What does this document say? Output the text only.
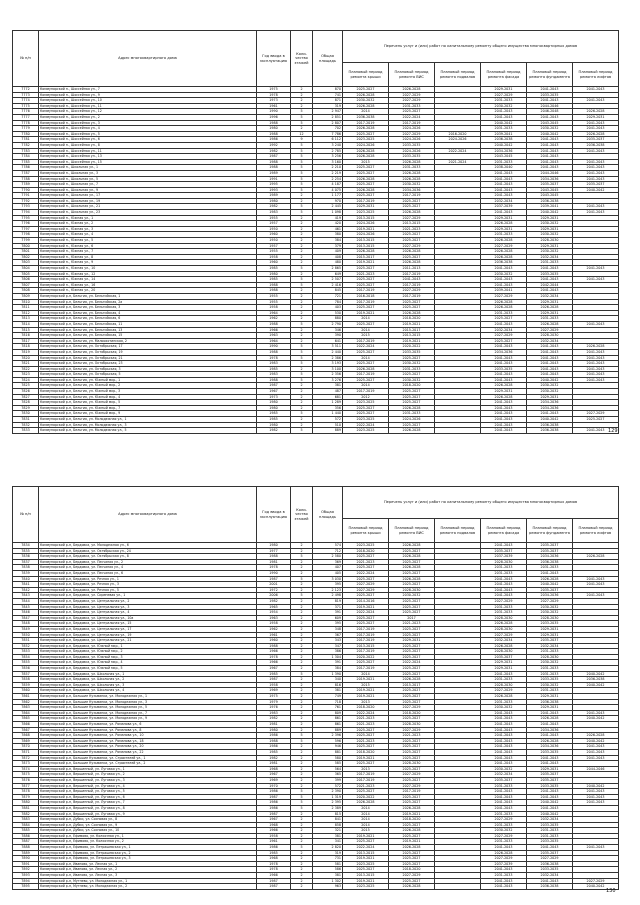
№ п/п	Адрес многоквартирного дома	Год ввода в эксплуатацию	Коли-чество этажей	Общая площадь	Перечень услуг и (или) работ по капитальному ремонту общего имущества многоквартирных домов					
					Плановый период ремонта крыши	Плановый период ремонта ВИС	Плановый период ремонта подвалов	Плановый период ремонта фасада	Плановый период ремонта фундамента	Плановый период ремонта лифтов
7772	Коммунарский п., Шоссейная ул., 7	1975	2	870	2025-2027	2026-2028		2029-2031	2041-2043	2041-2043
7773	Коммунарский п., Шоссейная ул., 9	1978	2	741	2026-2028	2027-2029		2027-2029	2033-2035	
7774	Коммунарский п., Шоссейная ул., 10	1973	2	871	2030-2032	2027-2029		2031-2033	2041-2043	2041-2043
7775	Коммунарский п., Шоссейная ул., 11	1961	2	319	2026-2028	2031-2033		2030-2032	2044-2046	
7776	Коммунарский п., Шоссейная ул., 12	1990	5	2 947	2014	2025-2027		2041-2043	2046-2048	2026-2028
7777	Коммунарский п., Шоссейная ул., 2	1996	5	2 851	2036-2038	2022-2024		2041-2043	2041-2043	2029-2031
7778	Коммунарский п., Шоссейная ул., 3	1988	5	2 807	2017-2019	2017-2019		2040-2042	2043-2045	2041-2043
7779	Коммунарский п., Шоссейная ул., 4	1980	2	702	2026-2028	2024-2026		2031-2033	2030-2032	2041-2043
7780	Коммунарский п., Шоссейная ул., 5	1988	12	7 786	2025-2027	2027-2029	2016-2020	2039-2041	2040-2042	2026-2028
7781	Коммунарский п., Шоссейная ул., 6	1986	9	6 112	2023-2025	2024-2026	2024-2026	2036-2038	2041-2043	2035-2037
7782	Коммунарский п., Шоссейная ул., 8	1992	5	3 240	2024-2026	2033-2035		2040-2042	2041-2043	2036-2038
7783	Коммунарский п., Шоссейная ул., 11	1982	5	2 785	2026-2028	2024-2026	2022-2024	2034-2036	2041-2043	2041-2043
7784	Коммунарский п., Шоссейная ул., 13	1987	5	3 256	2026-2028	2033-2035		2043-2045	2041-2043	
7785	Коммунарский п., Шоссейная ул., 15	1988	5	3 160	2015	2026-2028	2021-2024	2031-2033	2041-2043	2041-2043
7786	Коммунарский п., Школьная ул., 1	1988	5	2 210	2025-2027	2031-2033		2038-2040	2041-2043	2041-2043
7787	Коммунарский п., Школьная ул., 3	1989	5	2 219	2025-2027	2026-2028		2041-2043	2044-2046	2041-2043
7788	Коммунарский п., Школьная ул., 5	1991	5	2 254	2026-2028	2026-2028		2041-2043	2034-2036	2041-2043
7789	Коммунарский п., Школьная ул., 7	1995	5	4 187	2025-2027	2030-2032		2041-2043	2035-2037	2035-2037
7790	Коммунарский п., Школьная ул., 9	1993	5	4 075	2026-2028	2034-2036		2041-2043	2043-2045	2040-2042
7791	Коммунарский п., Школьная ул., 17	1989	2	1 177	2025-2027	2017-2019		2041-2043	2043-2045	
7792	Коммунарский п., Школьная ул., 19	1980	2	970	2017-2019	2025-2027		2032-2034	2036-2038	
7793	Коммунарский п., Школьная ул., 21	1982	5	2 445	2029-2031	2025-2027		2037-2039	2039-2041	2041-2043
7794	Коммунарский п., Школьная ул., 23	1983	5	1 098	2023-2025	2026-2028		2041-2043	2040-2042	2041-2043
7795	Коммунарский п., Южная ул., 1	1955	2	419	2013-2015	2027-2029		2029-2031	2029-2031	
7796	Коммунарский п., Южная ул., 2	1957	2	420	2024-2026	2013-2015		2026-2028	2030-2032	
7797	Коммунарский п., Южная ул., 3	1950	2	461	2019-2021	2021-2023		2029-2031	2029-2031	
7798	Коммунарский п., Южная ул., 4	1960	2	380	2024-2026	2025-2027		2031-2033	2030-2032	
7799	Коммунарский п., Южная ул., 5	1950	2	384	2013-2015	2025-2027		2026-2028	2028-2030	
7800	Коммунарский п., Южная ул., 6	1957	2	379	2013-2015	2027-2029		2027-2029	2029-2031	
7801	Коммунарский п., Южная ул., 7	1955	2	409	2026-2028	2026-2028		2026-2028	2030-2032	
7802	Коммунарский п., Южная ул., 8	1958	2	408	2015-2017	2025-2027		2026-2028	2032-2034	
7803	Коммунарский п., Южная ул., 9	1960	2	480	2019-2021	2026-2028		2036-2038	2031-2033	
7804	Коммунарский п., Южная ул., 10	1985	5	2 865	2025-2027	2011-2013		2041-2043	2041-2043	2041-2043
7805	Коммунарский п., Южная ул., 12	1980	2	649	2021-2023	2017-2019		2030-2032	2033-2035	
7806	Коммунарский п., Южная ул., 14	1985	5	2 507	2025-2027	2041-2043		2041-2043	2041-2043	2041-2043
7807	Коммунарский п., Южная ул., 16	1988	5	2 416	2025-2027	2017-2019		2041-2043	2042-2044	
7808	Коммунарский п., Южная ул., 20	1988	2	845	2017-2019	2027-2029		2039-2041	2041-2043	
7809	Коммунарский р-н, Бельгия, ул. Бельгийская, 1	1955	2	721	2016-2018	2017-2019		2027-2029	2032-2034	
7810	Коммунарский р-н, Бельгия, ул. Бельгийская, 2а	1955	2	784	2017-2019	2025-2027		2026-2028	2029-2031	
7811	Коммунарский р-н, Бельгия, ул. Бельгийская, 3	1958	2	403	2025-2027	2025-2027		2026-2028	2026-2028	
7812	Коммунарский р-н, Бельгия, ул. Бельгийская, 4	1964	2	530	2019-2021	2026-2028		2031-2033	2029-2031	
7813	Коммунарский р-н, Бельгия, ул. Бельгийская, 6	1962	2	880	2014	2018-2020		2025-2027	2031-2033	
7814	Коммунарский р-н, Бельгия, ул. Бельгийская, 11	1988	5	2 790	2025-2027	2019-2021		2041-2043	2026-2028	2041-2043
7815	Коммунарский р-н, Бельгия, ул. Бельгийская, 13	1966	2	346	2014	2015-2017		2032-2034	2027-2029	
7816	Коммунарский р-н, Бельгия, ул. Бельгийская, 15	1963	2	390	2015	2013-2015		2027-2029	2028-2030	
7817	Коммунарский р-н, Бельгия, ул. Малоохотинская, 2	1964	2	641	2017-2019	2019-2021		2025-2027	2032-2034	
7818	Коммунарский р-н, Бельгия, ул. Октябрьская, 17	1990	5	3 511	2022-2024	2020-2022		2041-2043	2041-2043	2026-2028
7819	Коммунарский р-н, Бельгия, ул. Октябрьская, 19	1988	5	2 440	2025-2027	2033-2035		2034-2036	2041-2043	2041-2043
7820	Коммунарский р-н, Бельгия, ул. Октябрьская, 21	1978	5	2 386	2014	2025-2027		2041-2043	2041-2043	2041-2043
7821	Коммунарский р-н, Бельгия, ул. Октябрьская, 23	1983	5	3 193	2025-2027	2030-2032		2041-2043	2041-2043	2041-2043
7822	Коммунарский р-н, Бельгия, ул. Октябрьская, 3	1985	2	3 100	2026-2028	2031-2033		2033-2035	2041-2043	2041-2043
7823	Коммунарский р-н, Бельгия, ул. Октябрьская, 5	1983	5	2 356	2017-2019	2025-2027		2041-2043	2041-2043	2041-2043
7824	Коммунарский р-н, Бельгия, ул. Южный мкр., 1	1988	5	3 276	2025-2027	2030-2032		2041-2043	2040-2042	2041-2043
7825	Коммунарский р-н, Бельгия, ул. Южный мкр., 2	1987	2	381	2014	2018-2020		2026-2028	2030-2032	
7826	Коммунарский р-н, Бельгия, ул. Южный мкр., 3	1967	2	487	2017-2019	2025-2027		2029-2031	2030-2032	
7827	Коммунарский р-н, Бельгия, ул. Южный мкр., 4	1973	2	681	2012	2025-2027		2026-2028	2029-2031	
7828	Коммунарский р-н, Бельгия, ул. Южный мкр., 5	1980	2	1 289	2023-2025	2025-2027		2041-2043	2034-2036	
7829	Коммунарский р-н, Бельгия, ул. Южный мкр., 7	1980	2	356	2025-2027	2026-2028		2041-2043	2034-2036	
7830	Коммунарский р-н, Бельгия, ул. Южный мкр., 9	1985	5	1 440	2025-2027	2031-2033		2041-2043	2041-2043	2027-2029
7831	Коммунарский р-н, Бельгия, ул. Молодежная ул., 1	1985	2	572	2023-2025	2024-2026		2041-2043	2040-2042	2025-2027
7832	Коммунарский р-н, Бельгия, ул. Молодежная ул., 3	1980	2	510	2022-2024	2025-2027		2041-2043	2036-2038	
7833	Коммунарский р-н, Бельгия, ул. Молодежная ул., 5	1982	5	889	2023-2025	2026-2028		2041-2043	2036-2038	2041-2043 129
№ п/п	Адрес многоквартирного дома	Год ввода в эксплуатацию	Коли-чество этажей	Общая площадь	Перечень услуг и (или) работ по капитальному ремонту общего имущества многоквартирных домов					
					Плановый период ремонта крыши	Плановый период ремонта ВИС	Плановый период ремонта подвалов	Плановый период ремонта фасада	Плановый период ремонта фундамента	Плановый период ремонта лифтов
7834	Коммунарский р-н, Бердовка, ул. Молодежная ул., 6	1980	2	574	2023-2025	2026-2028		2041-2043	2035-2037	
7835	Коммунарский р-н, Бердовка, ул. Октябрьская ул., 24	1977	2	712	2018-2020	2025-2027		2035-2037	2035-2037	
7836	Коммунарский р-н, Бердовка, ул. Октябрьская ул., 8	1988	5	2 580	2025-2027	2026-2028		2037-2039	2034-2036	2026-2028
7837	Коммунарский р-н, Бердовка, ул. Песчаная ул., 2	1981	2	369	2021-2023	2025-2027		2028-2030	2036-2038	
7838	Коммунарский р-н, Бердовка, ул. Песчаная ул., 4	1978	2	407	2025-2027	2026-2028		2031-2033	2031-2033	
7839	Коммунарский р-н, Бердовка, ул. Песчаная ул., 6	1990	2	405	2022-2024	2025-2027		2031-2033	2041-2043	
7840	Коммунарский р-н, Бердовка, ул. Речная ул., 1	1987	5	3 030	2025-2027	2026-2028		2041-2043	2026-2028	2041-2043
7841	Коммунарский р-н, Бердовка, ул. Речная ул., 3	2001	2	395	2027-2029	2025-2027		2041-2043	2040-2042	2041-2043
7842	Коммунарский р-н, Бердовка, ул. Речная ул., 5	1972	2	2 123	2027-2029	2028-2030		2041-2043	2035-2037	
7843	Коммунарский р-н, Бердовка, ул. Сиреневая ул., 1	2006	5	2 498	2025-2027	2030-2032		2041-2043	2034-2036	2041-2043
7844	Коммунарский р-н, Бердовка, ул. Центральная ул., 2	1982	2	819	2014-2016	2025-2027		2027-2029	2027-2029	
7845	Коммунарский р-н, Бердовка, ул. Центральная ул., 3	1965	2	371	2019-2021	2025-2027		2031-2033	2030-2032	
7846	Коммунарский р-н, Бердовка, ул. Центральная ул., 4	1954	2	391	2022-2024	2025-2027		2031-2033	2030-2032	
7847	Коммунарский р-н, Бердовка, ул. Центральная ул., 10а	1963	2	609	2025-2027	2017		2028-2030	2028-2030	
7848	Коммунарский р-н, Бердовка, ул. Центральная ул., 15	1958	2	395	2025-2027	2021-2023		2026-2028	2033-2035	
7849	Коммунарский р-н, Бердовка, ул. Центральная ул., 17	1962	2	348	2017-2019	2025-2027		2028-2030	2029-2031	
7850	Коммунарский р-н, Бердовка, ул. Центральная ул., 19	1961	2	367	2017-2019	2025-2027		2027-2029	2029-2031	
7851	Коммунарский р-н, Бердовка, ул. Центральная ул., 21	1960	2	343	2017-2019	2029-2031		2032-2034	2035-2037	
7852	Коммунарский р-н, Бердовка, ул. Южный мкр., 1	1988	2	347	2013-2015	2025-2027		2026-2028	2032-2034	
7853	Коммунарский р-н, Бердовка, ул. Южный мкр., 2	1966	2	386	2017-2019	2025-2027		2028-2030	2031-2033	
7854	Коммунарский р-н, Бердовка, ул. Южный мкр., 3	1978	2	1 304	2020-2022	2025-2027		2035-2037	2028-2030	
7855	Коммунарский р-н, Бердовка, ул. Южный мкр., 4	1966	2	391	2025-2027	2022-2024		2029-2031	2030-2032	
7856	Коммунарский р-н, Бердовка, ул. Южный мкр., 5	1967	2	384	2017-2019	2025-2027		2029-2031	2031-2033	
7857	Коммунарский р-н, Бердовка, ул. Школьная ул., 1	1985	5	1 390	2014	2025-2027		2041-2043	2031-2033	2040-2042
7858	Коммунарский р-н, Бердовка, ул. Школьная ул., 2	1987	2	340	2019-2021	2026-2028		2031-2033	2033-2035	2036-2038
7859	Коммунарский р-н, Бердовка, ул. Школьная ул., 3	1958	2	816	2015	2015-2017		2028-2030	2030-2032	2040-2042
7860	Коммунарский р-н, Бердовка, ул. Школьная ул., 4	1969	2	381	2019-2021	2025-2027		2027-2029	2031-2033	
7861	Коммунарский р-н, Большие Кузьминки, ул. Молодежная ул., 1	1975	2	749	2019-2021	2025-2027		2026-2028	2029-2031	
7862	Коммунарский р-н, Большие Кузьминки, ул. Молодежная ул., 3	1979	2	718	2013	2025-2027		2031-2033	2036-2038	
7863	Коммунарский р-н, Большие Кузьминки, ул. Молодежная ул., 5	1976	2	761	2018-2020	2027-2029		2030-2032	2029-2031	
7864	Коммунарский р-н, Большие Кузьминки, ул. Молодежная ул., 7	1983	2	809	2022-2024	2018-2020		2041-2043	2041-2043	2041-2043
7865	Коммунарский р-н, Большие Кузьминки, ул. Молодежная ул., 9	1982	2	861	2021-2023	2025-2027		2041-2043	2026-2028	2040-2042
7866	Коммунарский р-н, Большие Кузьминки, ул. Романова ул., 6	1981	2	861	2021-2023	2028-2030		2041-2043	2041-2043	
7867	Коммунарский р-н, Большие Кузьминки, ул. Романова ул., 8	1980	2	889	2025-2027	2027-2029		2041-2043	2034-2036	
7868	Коммунарский р-н, Большие Кузьминки, ул. Романова ул., 10	1986	5	2 396	2025-2027	2021-2023		2041-2043	2041-2043	2026-2028
7869	Коммунарский р-н, Большие Кузьминки, ул. Романова ул., 18	1988	5	596	2021-2023	2025-2027		2041-2043	2026-2028	2040-2042
7870	Коммунарский р-н, Большие Кузьминки, ул. Романова ул., 20	1986	2	946	2025-2027	2025-2027		2041-2043	2034-2036	2041-2043
7871	Коммунарский р-н, Большие Кузьминки, ул. Романова ул., 22	1985	2	881	2018-2020	2025-2027		2041-2043	2033-2035	2041-2043
7872	Коммунарский р-н, Большие Кузьминки, ул. Строителей ул., 1	1982	2	580	2019-2021	2025-2027		2041-2043	2041-2043	2041-2043
7873	Коммунарский р-н, Большие Кузьминки, ул. Строителей ул., 2	1981	2	585	2025-2027	2028-2030		2041-2043	2041-2043	
7874	Коммунарский р-н, Вершинный, ул. Луговая ул., 1	1968	2	564	2013	2025-2027		2030-2032	2029-2031	2044-2046
7875	Коммунарский р-н, Вершинный, ул. Луговая ул., 2	1967	2	365	2017-2019	2027-2029		2032-2034	2035-2037	
7876	Коммунарский р-н, Вершинный, ул. Луговая ул., 3	1969	2	399	2017-2019	2025-2027		2035-2037	2035-2037	
7877	Коммунарский р-н, Вершинный, ул. Луговая ул., 4	1970	2	572	2021-2023	2027-2029		2031-2033	2033-2035	2040-2042
7878	Коммунарский р-н, Вершинный, ул. Луговая ул., 5	1986	5	2 390	2025-2027	2017-2019		2041-2043	2041-2043	2041-2043
7879	Коммунарский р-н, Вершинный, ул. Луговая ул., 6	1987	5	1 319	2020-2022	2025-2027		2041-2043	2041-2043	2041-2043
7880	Коммунарский р-н, Вершинный, ул. Луговая ул., 7	1986	5	2 395	2026-2028	2025-2027		2041-2043	2040-2042	2041-2043
7881	Коммунарский р-н, Вершинный, ул. Луговая ул., 8	1986	5	2 389	2014	2026-2028		2041-2043	2041-2043	
7882	Коммунарский р-н, Вершинный, ул. Луговая ул., 9	1987	2	815	2014	2019-2021		2031-2033	2040-2042	
7883	Коммунарский р-н, Дубки, ул. Сосновая ул., 8	1967	2	841	2014	2018-2020		2027-2029	2032-2034	
7884	Коммунарский р-н, Дубки, ул. Сосновая ул., 9	1968	2	858	2014	2025-2027		2031-2033	2033-2035	
7885	Коммунарский р-н, Дубки, ул. Сосновая ул., 10	1966	2	321	2015	2026-2028		2030-2032	2031-2033	
7886	Коммунарский р-н, Ефимово, ул. Колхозная ул., 1	1958	2	381	2019-2021	2025-2027		2027-2029	2031-2033	
7887	Коммунарский р-н, Ефимово, ул. Колхозная ул., 2	1961	2	341	2025-2027	2019-2021		2031-2033	2033-2035	
7888	Коммунарский р-н, Ефимово, ул. Петрашевская ул., 1	1986	5	2 820	2022-2024	2026-2028		2041-2043	2041-2043	2041-2043
7889	Коммунарский р-н, Ефимово, ул. Петрашевская ул., 2	1985	2	319	2013-2015	2025-2027		2026-2028	2035-2037	
7890	Коммунарский р-н, Ефимово, ул. Петрашевская ул., 3	1968	2	731	2019-2021	2025-2027		2027-2029	2027-2029	
7891	Коммунарский р-н, Иваново, ул. Лесная ул., 1	1978	2	581	2023-2025	2025-2027		2037-2039	2036-2038	
7892	Коммунарский р-н, Иваново, ул. Лесная ул., 2	1978	2	586	2025-2027	2018-2020		2041-2043	2033-2035	
7893	Коммунарский р-н, Иваново, ул. Лесная ул., 3	1966	2	381	2013-2015	2027-2029		2031-2033	2032-2034	
7894	Коммунарский р-н, Мутнево, ул. Молодежная ул., 1	1987	2	1 302	2019-2021	2025-2027		2041-2043	2041-2043	2027-2029
7895	Коммунарский р-н, Мутнево, ул. Молодежная ул., 2	1987	2	963	2023-2025	2026-2028		2041-2043	2036-2038	2040-2042
130
